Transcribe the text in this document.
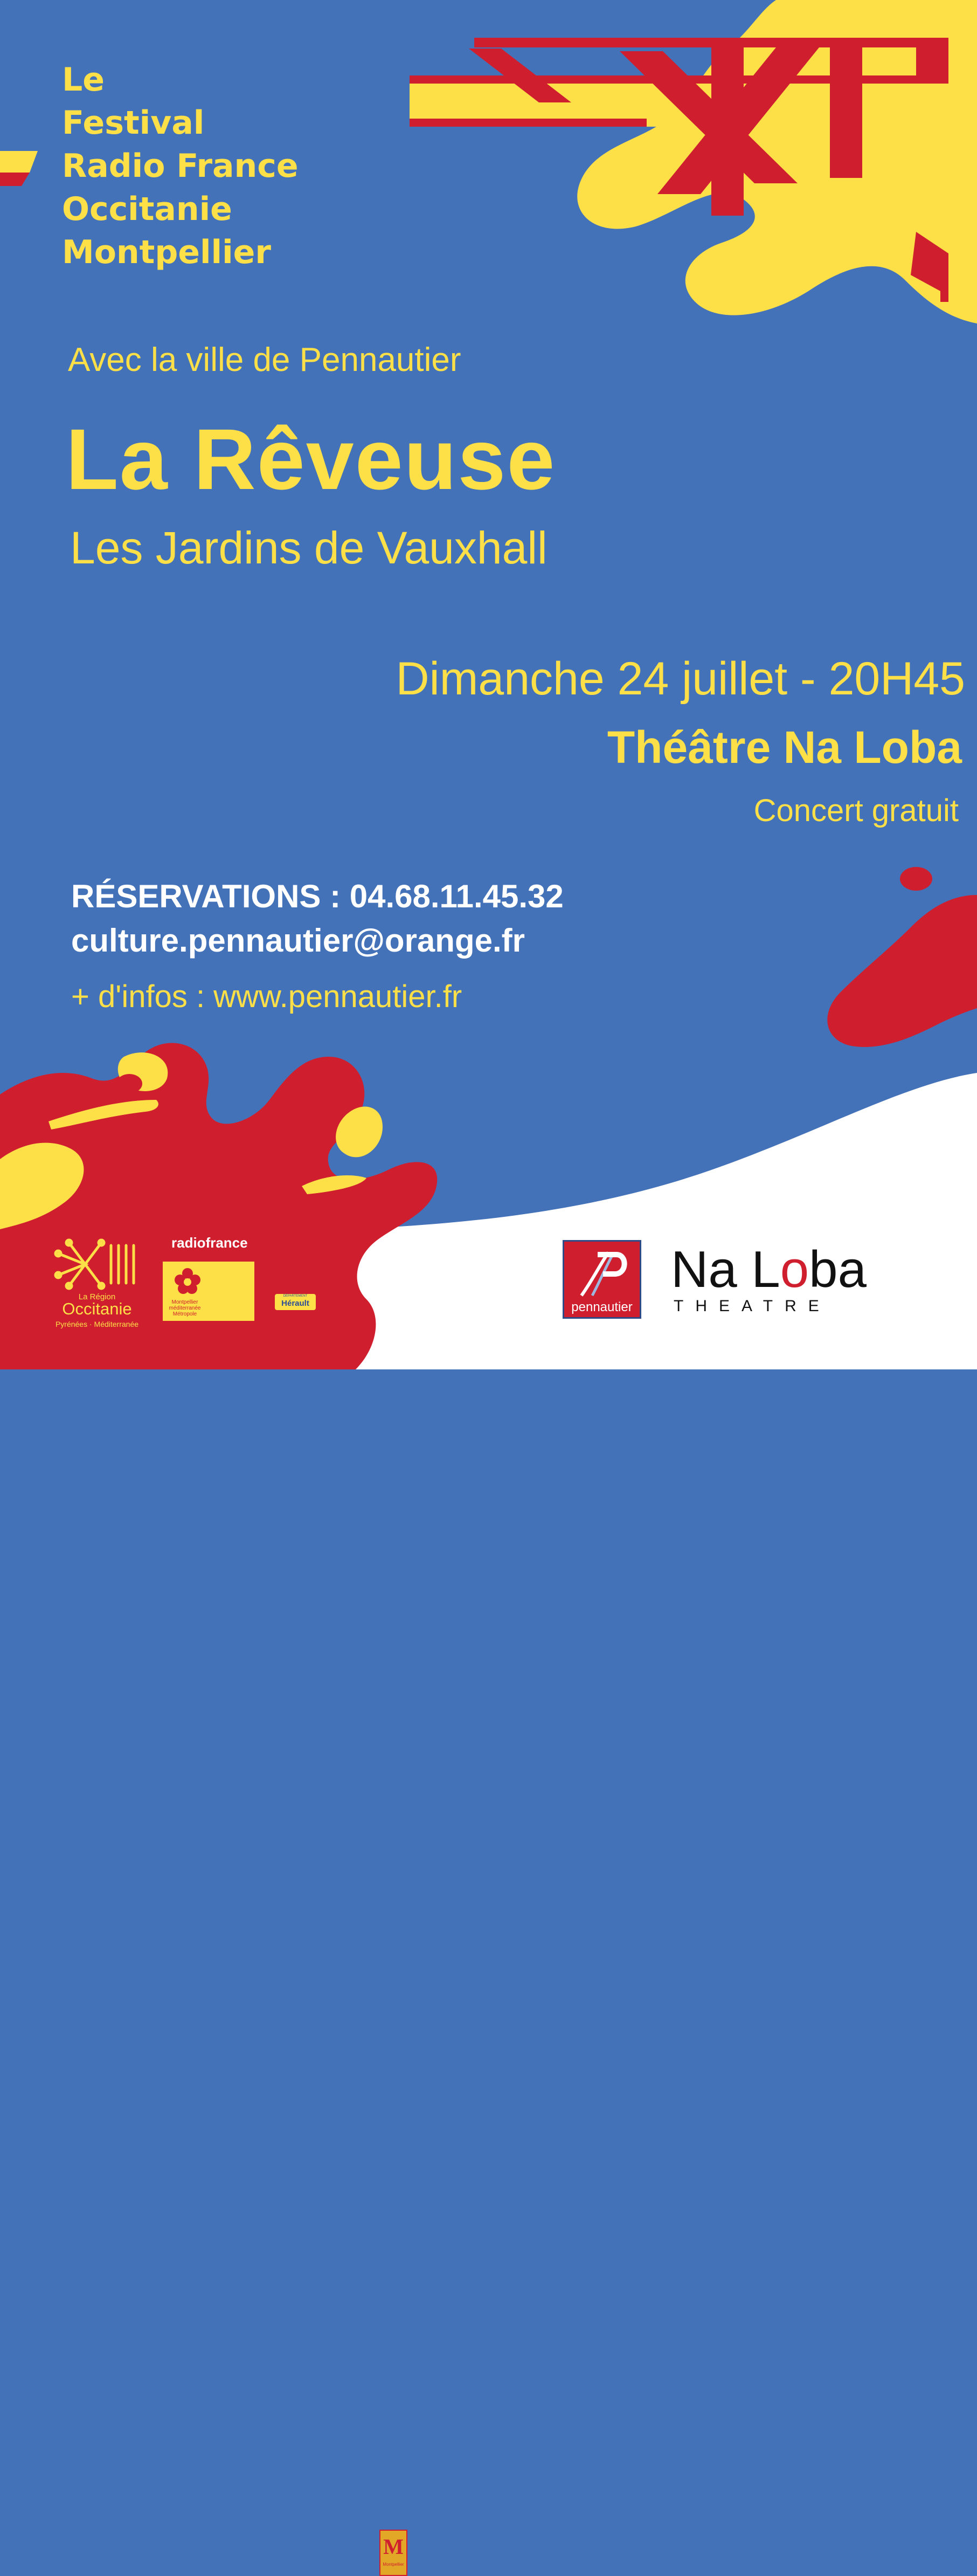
Le
Festival
Radio France
Occitanie
Montpellier

Avec la ville de Pennautier

La Rêveuse

Les Jardins de Vauxhall

Dimanche 24 juillet - 20H45

Théâtre Na Loba

Concert gratuit

RÉSERVATIONS : 04.68.11.45.32

culture.pennautier@orange.fr

+ d'infos : www.pennautier.fr

La Région

Occitanie

Pyrénées · Méditerranée

radiofrance

M

Montpellier

Montpellier méditerranée Métropole

DÉPARTEMENT

Hérault	pennautier

Na Loba

THEATRE
